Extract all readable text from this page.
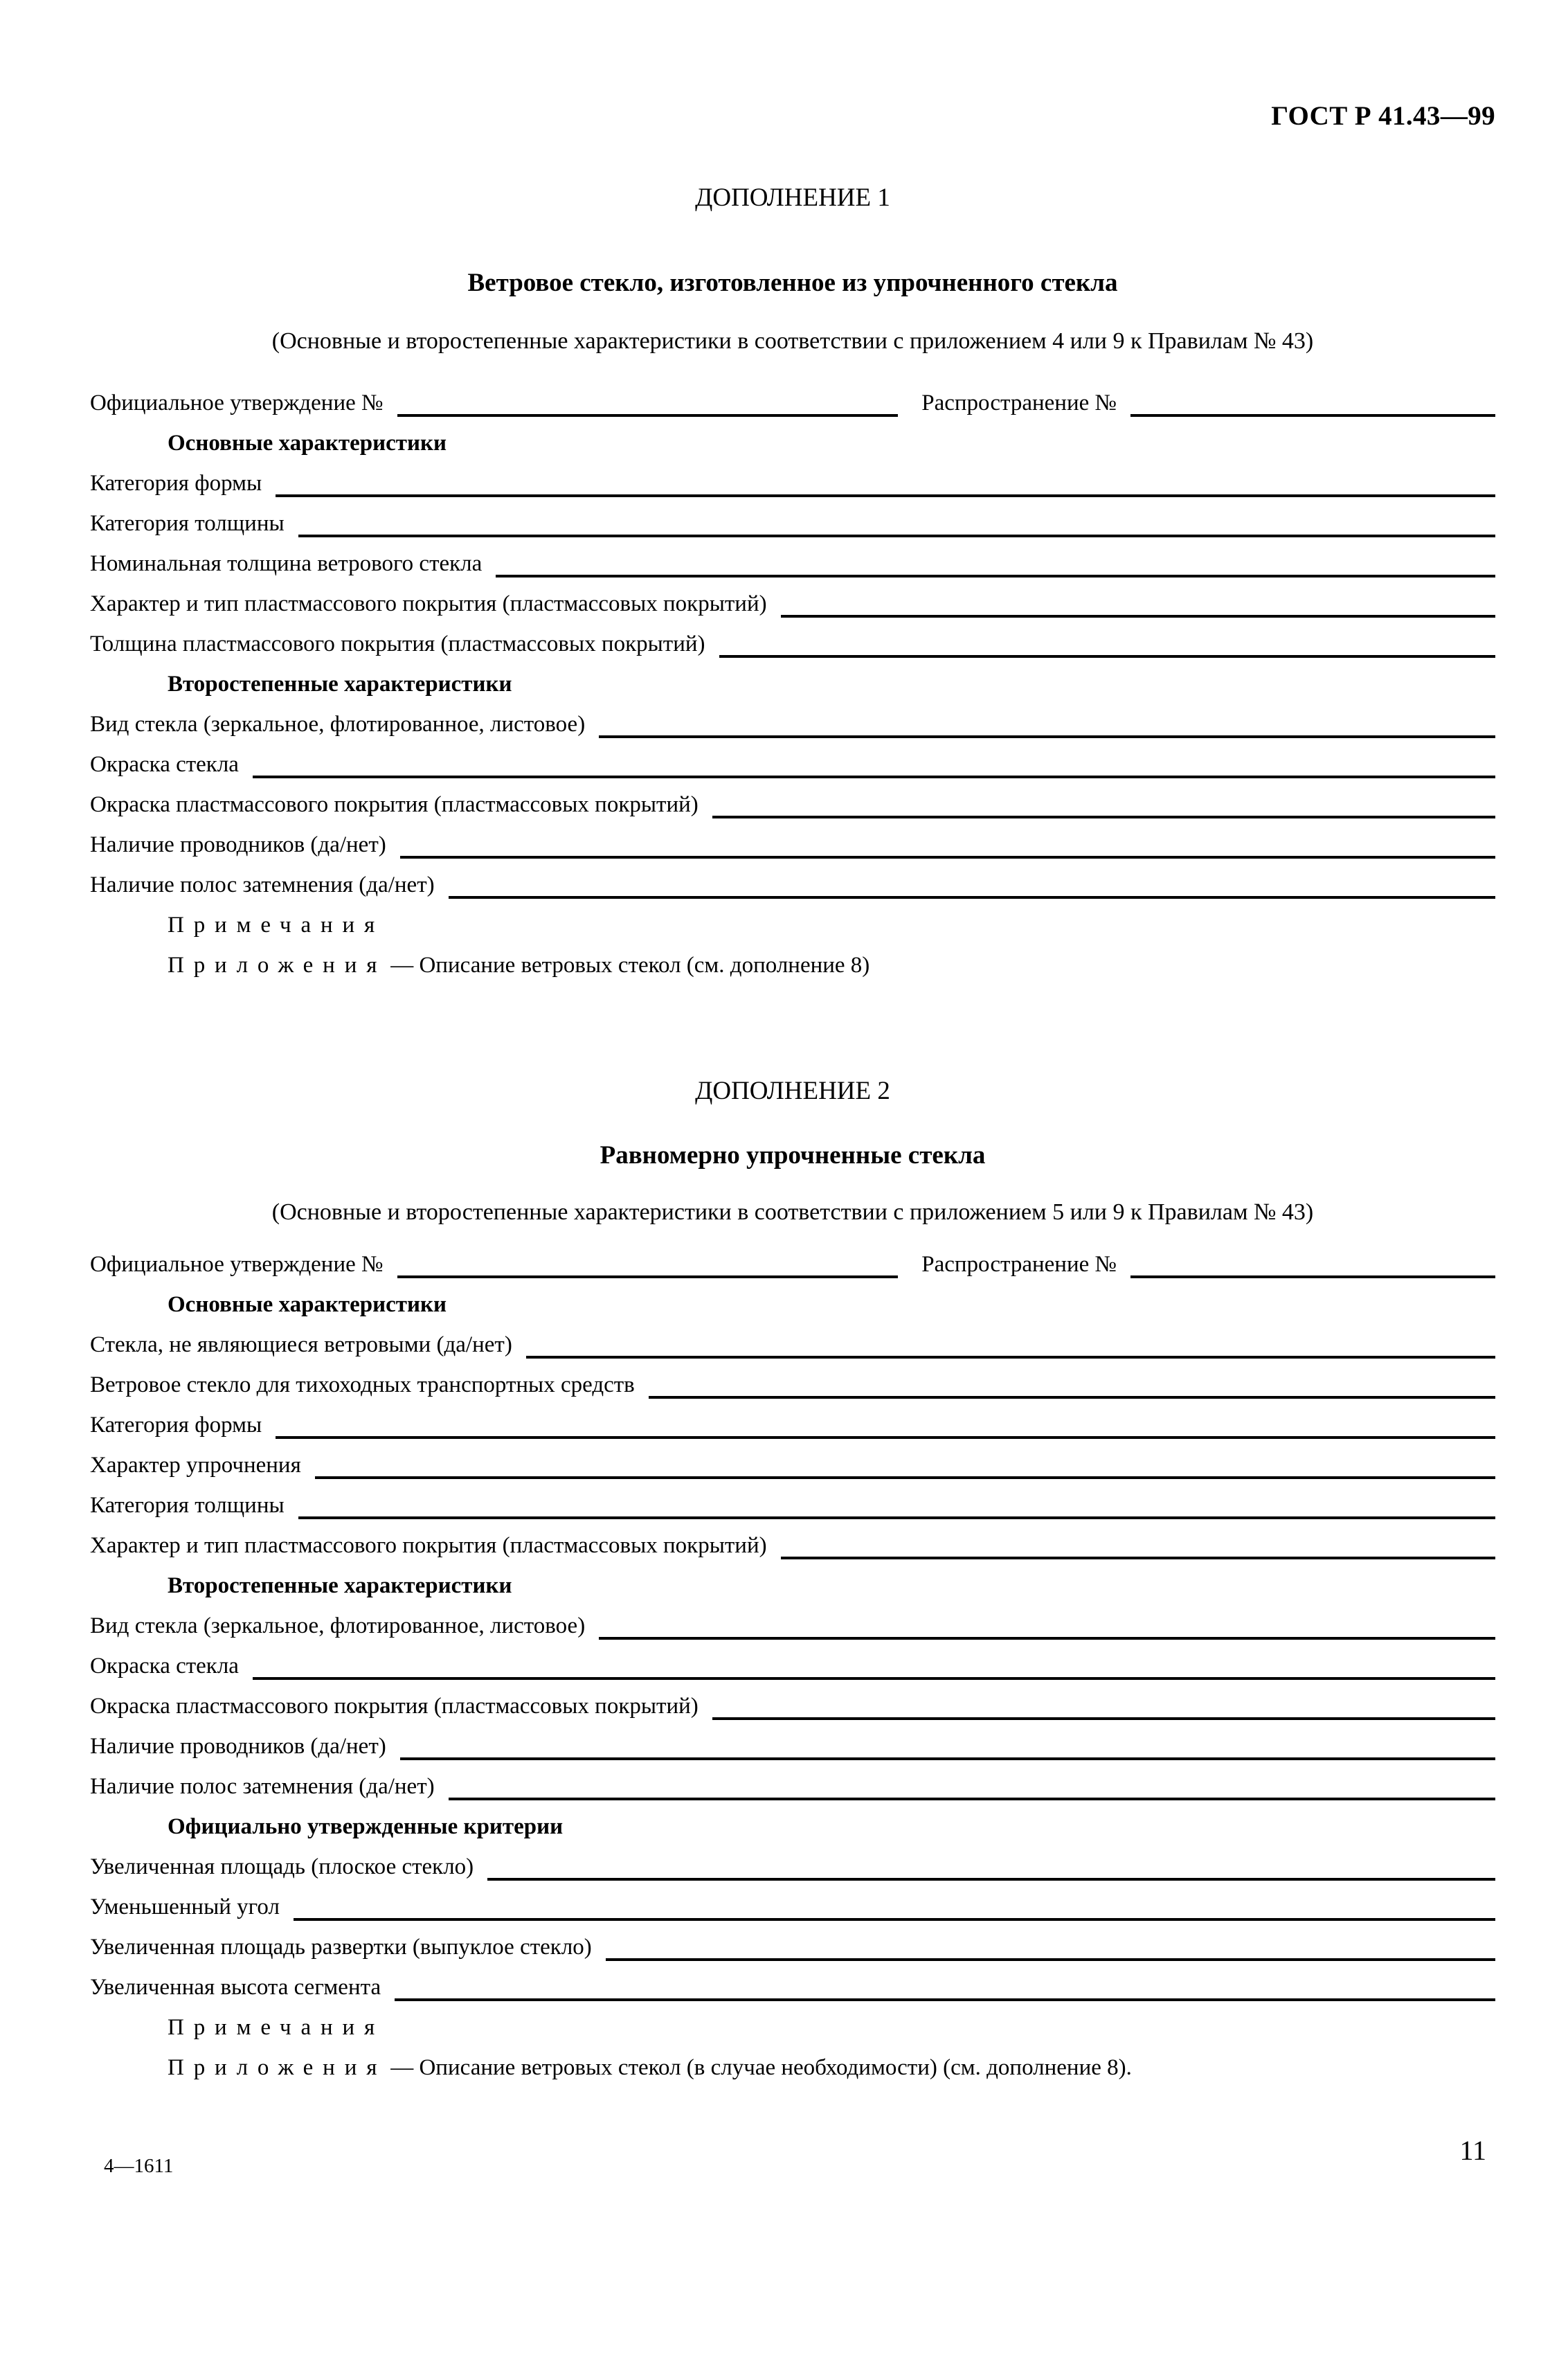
ГОСТ Р 41.43—99
ДОПОЛНЕНИЕ 1
Ветровое стекло, изготовленное из упрочненного стекла
(Основные и второстепенные характеристики в соответствии с приложением 4 или 9 к Правилам № 43)
Официальное утверждение №	Распространение №
Основные характеристики
Категория формы
Категория толщины
Номинальная толщина ветрового стекла
Характер и тип пластмассового покрытия (пластмассовых покрытий)
Толщина пластмассового покрытия (пластмассовых покрытий)
Второстепенные характеристики
Вид стекла (зеркальное, флотированное, листовое)
Окраска стекла
Окраска пластмассового покрытия (пластмассовых покрытий)
Наличие проводников (да/нет)
Наличие полос затемнения (да/нет)
Примечания
Приложения — Описание ветровых стекол (см. дополнение 8)
ДОПОЛНЕНИЕ 2
Равномерно упрочненные стекла
(Основные и второстепенные характеристики в соответствии с приложением 5 или 9 к Правилам № 43)
Официальное утверждение №	Распространение №
Основные характеристики
Стекла, не являющиеся ветровыми (да/нет)
Ветровое стекло для тихоходных транспортных средств
Категория формы
Характер упрочнения
Категория толщины
Характер и тип пластмассового покрытия (пластмассовых покрытий)
Второстепенные характеристики
Вид стекла (зеркальное, флотированное, листовое)
Окраска стекла
Окраска пластмассового покрытия (пластмассовых покрытий)
Наличие проводников (да/нет)
Наличие полос затемнения (да/нет)
Официально утвержденные критерии
Увеличенная площадь (плоское стекло)
Уменьшенный угол
Увеличенная площадь развертки (выпуклое стекло)
Увеличенная высота сегмента
Примечания
Приложения — Описание ветровых стекол (в случае необходимости) (см. дополнение 8).
4—1611	11
